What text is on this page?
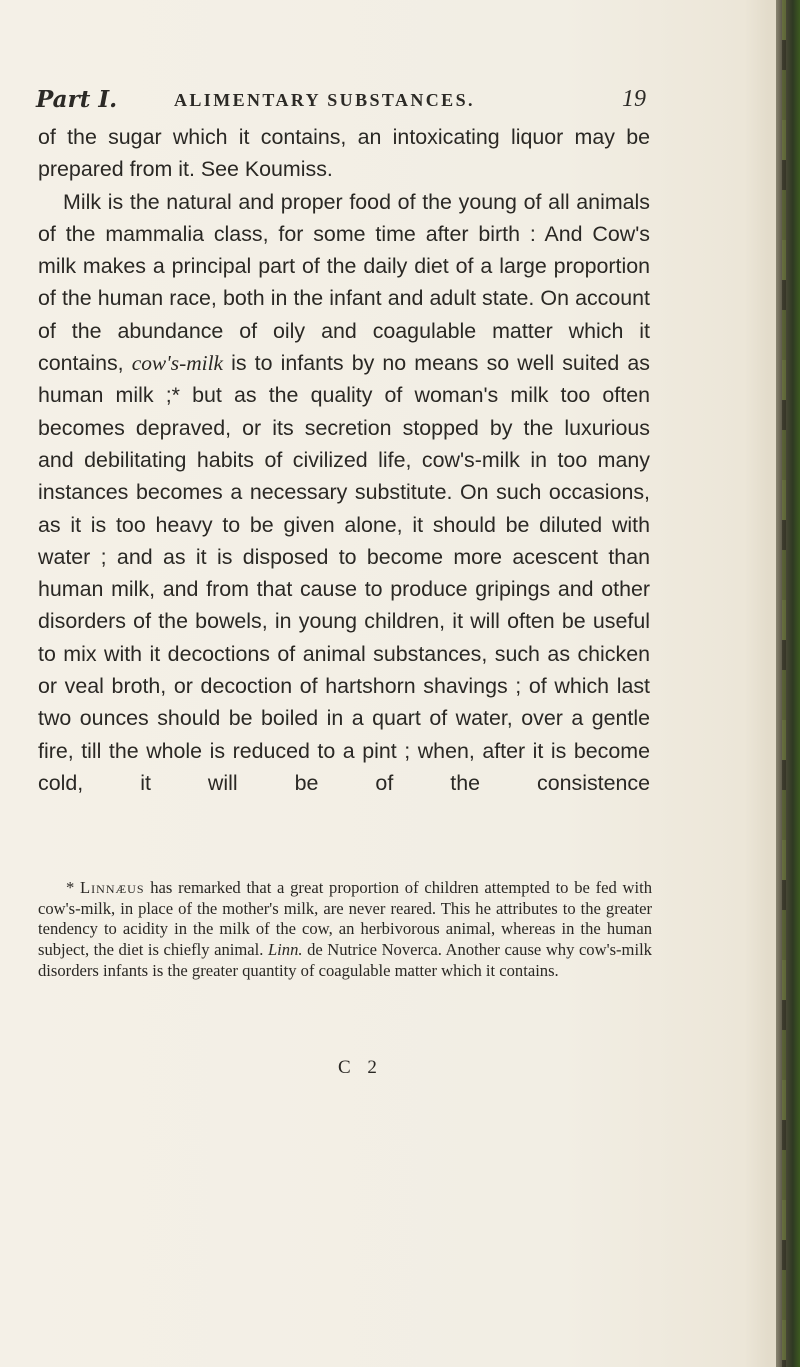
Part I.	ALIMENTARY SUBSTANCES.	19

of the sugar which it contains, an intoxicating liquor may be prepared from it. See Koumiss.

Milk is the natural and proper food of the young of all animals of the mammalia class, for some time after birth : And Cow's milk makes a principal part of the daily diet of a large proportion of the human race, both in the infant and adult state. On account of the abundance of oily and coagulable matter which it contains, cow's-milk is to infants by no means so well suited as human milk ;* but as the quality of woman's milk too often becomes depraved, or its secretion stopped by the luxurious and debilitating habits of civilized life, cow's-milk in too many instances becomes a necessary substitute. On such occasions, as it is too heavy to be given alone, it should be diluted with water ; and as it is disposed to become more acescent than human milk, and from that cause to produce gripings and other disorders of the bowels, in young children, it will often be useful to mix with it decoctions of animal substances, such as chicken or veal broth, or decoction of hartshorn shavings ; of which last two ounces should be boiled in a quart of water, over a gentle fire, till the whole is reduced to a pint ; when, after it is become cold, it will be of the consistence

* Linnæus has remarked that a great proportion of children attempted to be fed with cow's-milk, in place of the mother's milk, are never reared. This he attributes to the greater tendency to acidity in the milk of the cow, an herbivorous animal, whereas in the human subject, the diet is chiefly animal. Linn. de Nutrice Noverca. Another cause why cow's-milk disorders infants is the greater quantity of coagulable matter which it contains.

C 2
